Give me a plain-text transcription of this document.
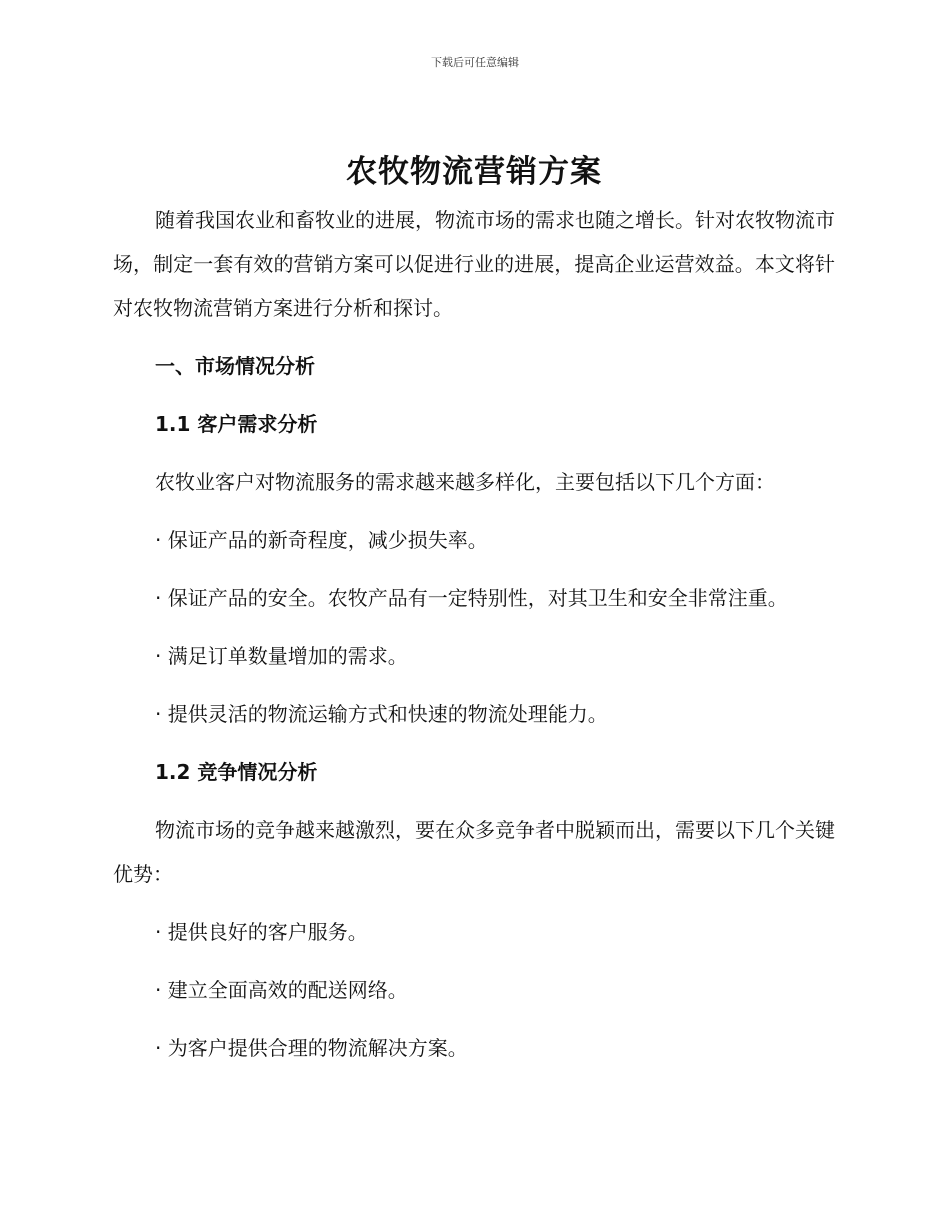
下载后可任意编辑
农牧物流营销方案

随着我国农业和畜牧业的进展，物流市场的需求也随之增长。针对农牧物流市场，制定一套有效的营销方案可以促进行业的进展，提高企业运营效益。本文将针对农牧物流营销方案进行分析和探讨。

一、市场情况分析
1.1 客户需求分析

农牧业客户对物流服务的需求越来越多样化，主要包括以下几个方面：

· 保证产品的新奇程度，减少损失率。

· 保证产品的安全。农牧产品有一定特别性，对其卫生和安全非常注重。

· 满足订单数量增加的需求。

· 提供灵活的物流运输方式和快速的物流处理能力。

1.2 竞争情况分析

物流市场的竞争越来越激烈，要在众多竞争者中脱颖而出，需要以下几个关键优势：

· 提供良好的客户服务。

· 建立全面高效的配送网络。

· 为客户提供合理的物流解决方案。
